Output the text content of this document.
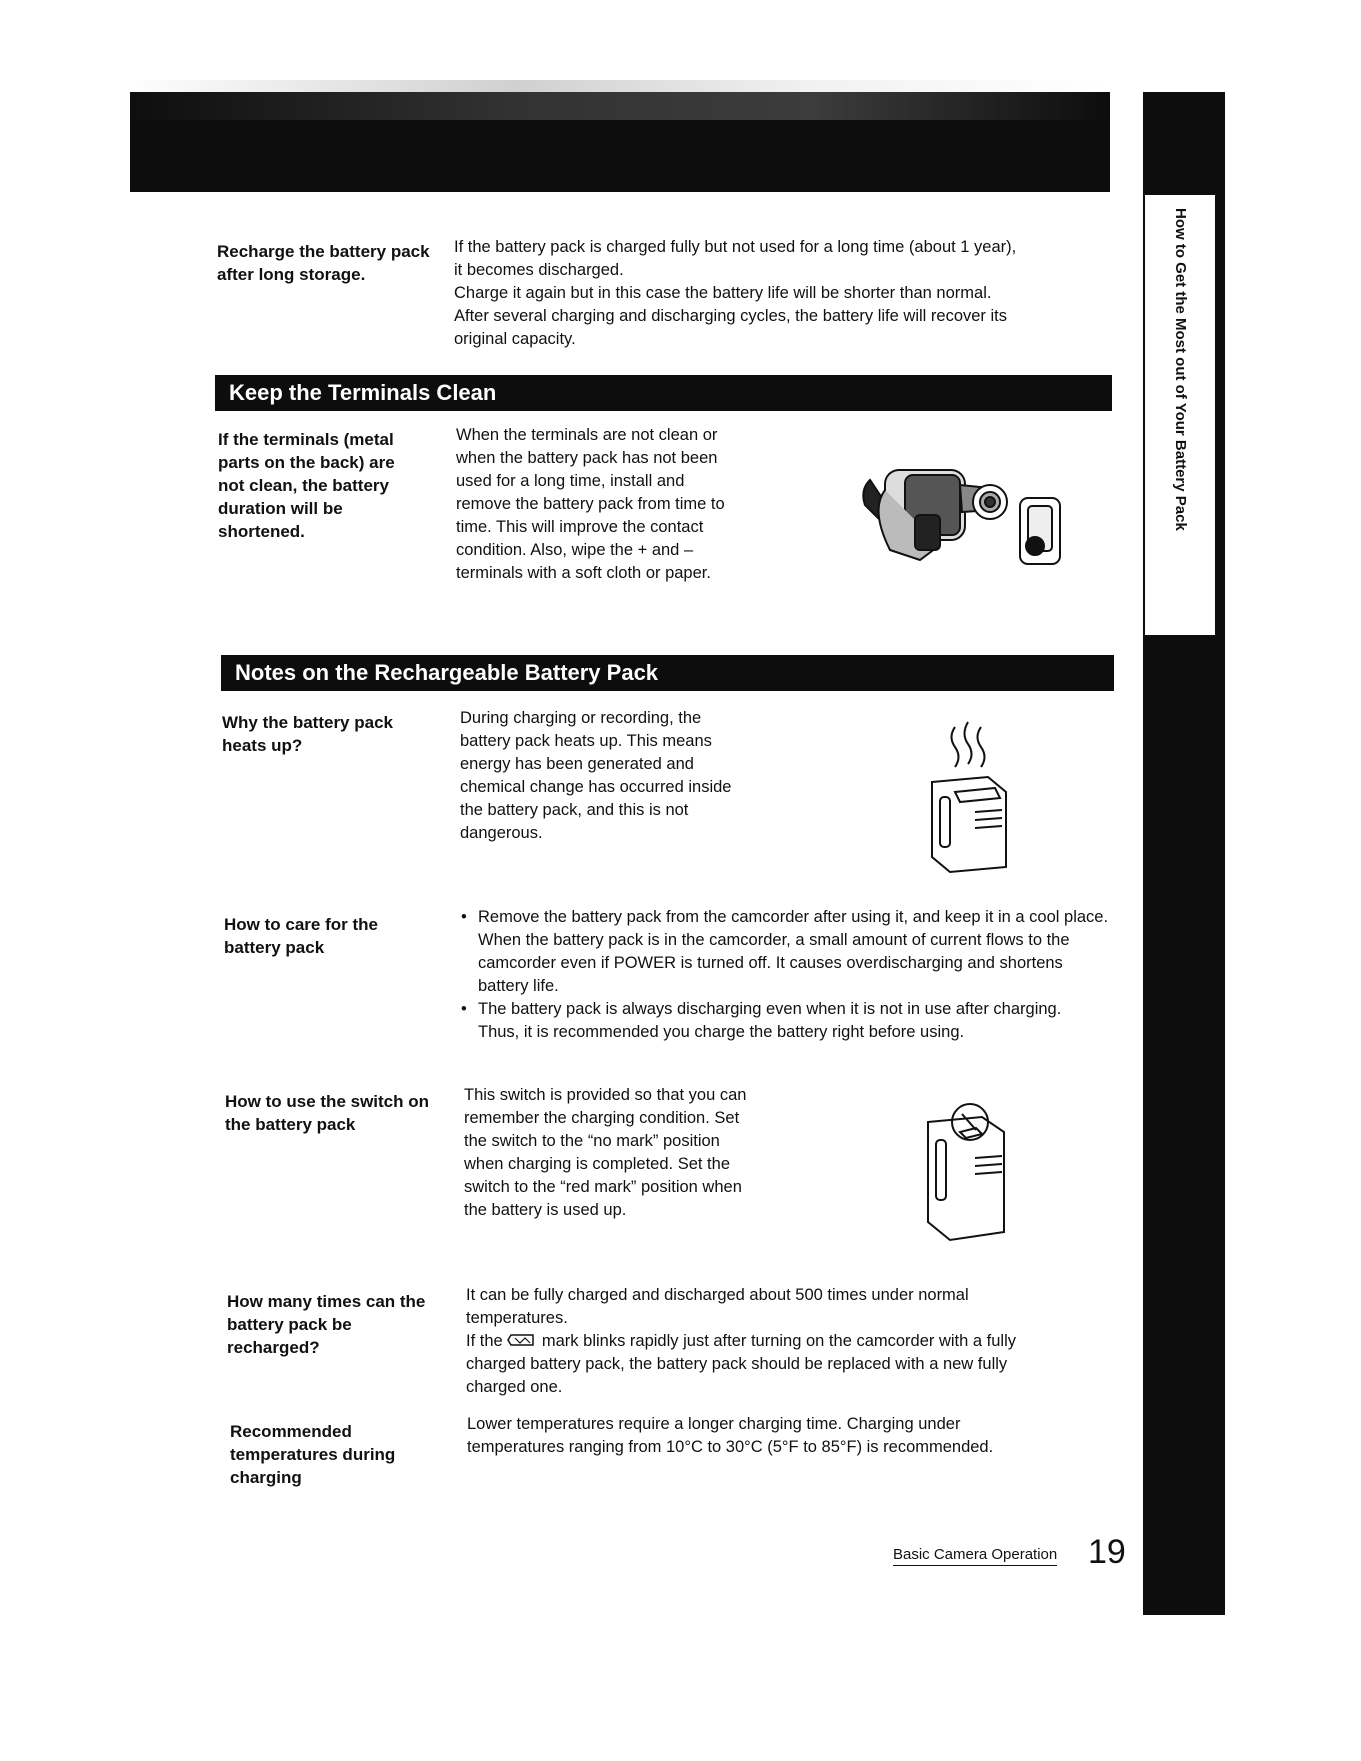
How to Get the Most out of Your Battery Pack
Recharge the battery pack after long storage.

If the battery pack is charged fully but not used for a long time (about 1 year),

it becomes discharged.

Charge it again but in this case the battery life will be shorter than normal.

After several charging and discharging cycles, the battery life will recover its

original capacity.

Keep the Terminals Clean
If the terminals (metal parts on the back) are not clean, the battery duration will be shortened.

When the terminals are not clean or

when the battery pack has not been

used for a long time, install and

remove the battery pack from time to

time. This will improve the contact

condition. Also, wipe the + and –

terminals with a soft cloth or paper.

Notes on the Rechargeable Battery Pack
Why the battery pack heats up?

During charging or recording, the

battery pack heats up. This means

energy has been generated and

chemical change has occurred inside

the battery pack, and this is not

dangerous.

How to care for the battery pack
• Remove the battery pack from the camcorder after using it, and keep it in a cool place. When the battery pack is in the camcorder, a small amount of current flows to the camcorder even if POWER is turned off. It causes overdischarging and shortens battery life.
• The battery pack is always discharging even when it is not in use after charging.

Thus, it is recommended you charge the battery right before using.

How to use the switch on the battery pack

This switch is provided so that you can

remember the charging condition. Set

the switch to the “no mark” position

when charging is completed. Set the

switch to the “red mark” position when

the battery is used up.

How many times can the battery pack be recharged?

It can be fully charged and discharged about 500 times under normal

temperatures.

If the mark blinks rapidly just after turning on the camcorder with a fully

charged battery pack, the battery pack should be replaced with a new fully

charged one.

Recommended temperatures during charging

Lower temperatures require a longer charging time. Charging under

temperatures ranging from 10°C to 30°C (5°F to 85°F) is recommended.

Basic Camera Operation 19
